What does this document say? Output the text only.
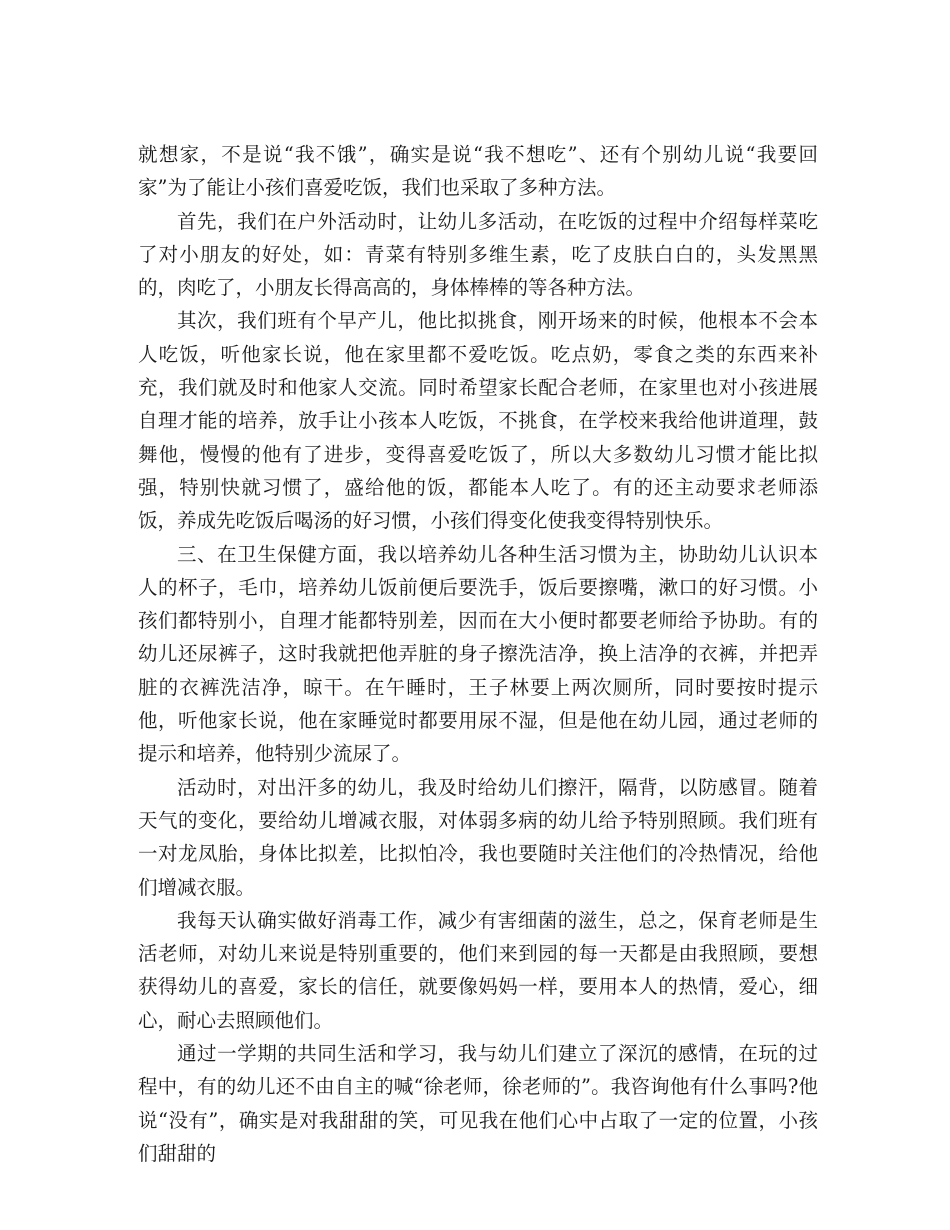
就想家，不是说“我不饿”，确实是说“我不想吃”、还有个别幼儿说“我要回家”为了能让小孩们喜爱吃饭，我们也采取了多种方法。

首先，我们在户外活动时，让幼儿多活动，在吃饭的过程中介绍每样菜吃了对小朋友的好处，如：青菜有特别多维生素，吃了皮肤白白的，头发黑黑的，肉吃了，小朋友长得高高的，身体棒棒的等各种方法。

其次，我们班有个早产儿，他比拟挑食，刚开场来的时候，他根本不会本人吃饭，听他家长说，他在家里都不爱吃饭。吃点奶，零食之类的东西来补充，我们就及时和他家人交流。同时希望家长配合老师，在家里也对小孩进展自理才能的培养，放手让小孩本人吃饭，不挑食，在学校来我给他讲道理，鼓舞他，慢慢的他有了进步，变得喜爱吃饭了，所以大多数幼儿习惯才能比拟强，特别快就习惯了，盛给他的饭，都能本人吃了。有的还主动要求老师添饭，养成先吃饭后喝汤的好习惯，小孩们得变化使我变得特别快乐。

三、在卫生保健方面，我以培养幼儿各种生活习惯为主，协助幼儿认识本人的杯子，毛巾，培养幼儿饭前便后要洗手，饭后要擦嘴，漱口的好习惯。小孩们都特别小，自理才能都特别差，因而在大小便时都要老师给予协助。有的幼儿还尿裤子，这时我就把他弄脏的身子擦洗洁净，换上洁净的衣裤，并把弄脏的衣裤洗洁净，晾干。在午睡时，王子林要上两次厕所，同时要按时提示他，听他家长说，他在家睡觉时都要用尿不湿，但是他在幼儿园，通过老师的提示和培养，他特别少流尿了。

活动时，对出汗多的幼儿，我及时给幼儿们擦汗，隔背，以防感冒。随着天气的变化，要给幼儿增减衣服，对体弱多病的幼儿给予特别照顾。我们班有一对龙凤胎，身体比拟差，比拟怕冷，我也要随时关注他们的冷热情况，给他们增减衣服。

我每天认确实做好消毒工作，减少有害细菌的滋生，总之，保育老师是生活老师，对幼儿来说是特别重要的，他们来到园的每一天都是由我照顾，要想获得幼儿的喜爱，家长的信任，就要像妈妈一样，要用本人的热情，爱心，细心，耐心去照顾他们。

通过一学期的共同生活和学习，我与幼儿们建立了深沉的感情，在玩的过程中，有的幼儿还不由自主的喊“徐老师，徐老师的”。我咨询他有什么事吗?他说“没有”，确实是对我甜甜的笑，可见我在他们心中占取了一定的位置，小孩们甜甜的
